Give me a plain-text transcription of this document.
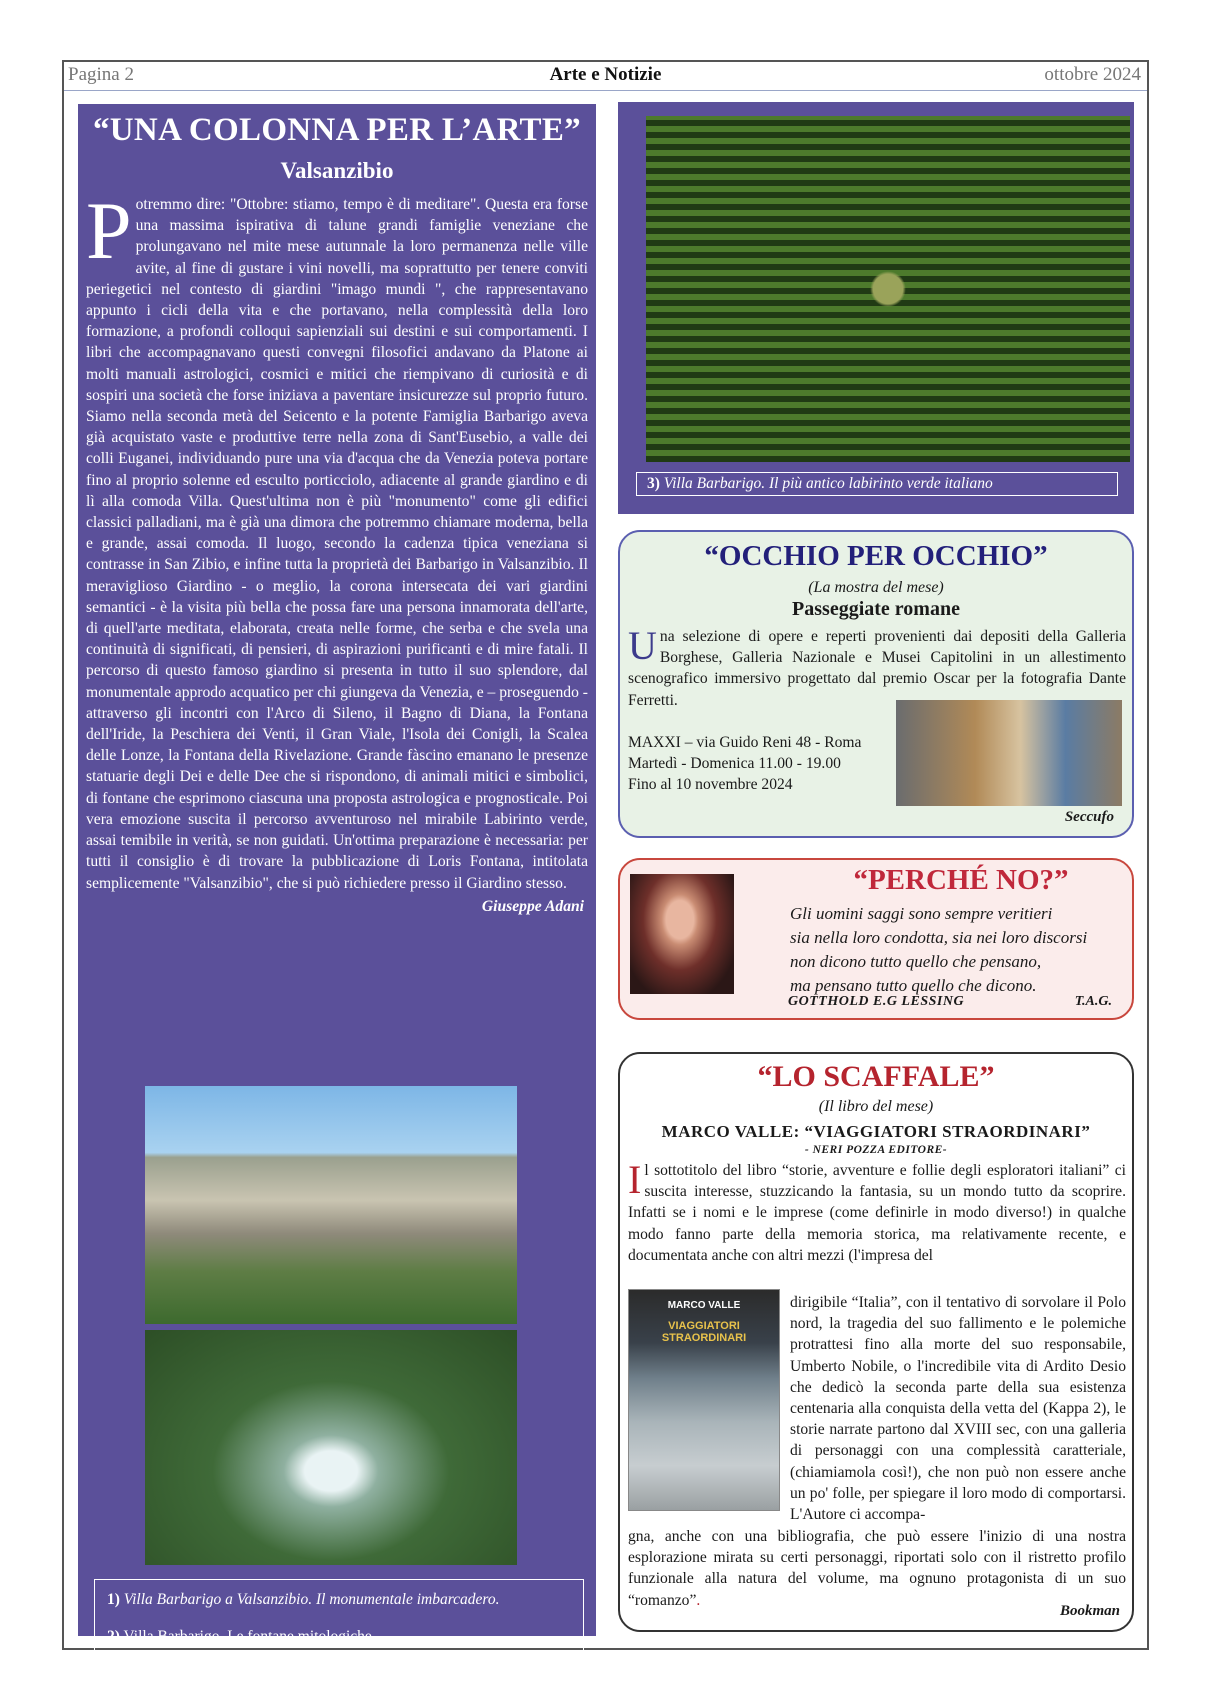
Pagina 2	Arte e Notizie	ottobre 2024
“UNA COLONNA PER L’ARTE”
Valsanzibio
Potremmo dire: "Ottobre: stiamo, tempo è di meditare". Questa era forse una massima ispirativa di talune grandi famiglie veneziane che prolungavano nel mite mese autunnale la loro permanenza nelle ville avite, al fine di gustare i vini novelli, ma soprattutto per tenere conviti periegetici nel contesto di giardini "imago mundi ", che rappresentavano appunto i cicli della vita e che portavano, nella complessità della loro formazione, a profondi colloqui sapienziali sui destini e sui comportamenti. I libri che accompagnavano questi convegni filosofici andavano da Platone ai molti manuali astrologici, cosmici e mitici che riempivano di curiosità e di sospiri una società che forse iniziava a paventare insicurezze sul proprio futuro. Siamo nella seconda metà del Seicento e la potente Famiglia Barbarigo aveva già acquistato vaste e produttive terre nella zona di Sant'Eusebio, a valle dei colli Euganei, individuando pure una via d'acqua che da Venezia poteva portare fino al proprio solenne ed esculto porticciolo, adiacente al grande giardino e di lì alla comoda Villa. Quest'ultima non è più "monumento" come gli edifici classici palladiani, ma è già una dimora che potremmo chiamare moderna, bella e grande, assai comoda. Il luogo, secondo la cadenza tipica veneziana si contrasse in San Zibio, e infine tutta la proprietà dei Barbarigo in Valsanzibio. Il meraviglioso Giardino - o meglio, la corona intersecata dei vari giardini semantici - è la visita più bella che possa fare una persona innamorata dell'arte, di quell'arte meditata, elaborata, creata nelle forme, che serba e che svela una continuità di significati, di pensieri, di aspirazioni purificanti e di mire fatali. Il percorso di questo famoso giardino si presenta in tutto il suo splendore, dal monumentale approdo acquatico per chi giungeva da Venezia, e – proseguendo - attraverso gli incontri con l'Arco di Sileno, il Bagno di Diana, la Fontana dell'Iride, la Peschiera dei Venti, il Gran Viale, l'Isola dei Conigli, la Scalea delle Lonze, la Fontana della Rivelazione. Grande fàscino emanano le presenze statuarie degli Dei e delle Dee che si rispondono, di animali mitici e simbolici, di fontane che esprimono ciascuna una proposta astrologica e prognosticale. Poi vera emozione suscita il percorso avventuroso nel mirabile Labirinto verde, assai temibile in verità, se non guidati. Un'ottima preparazione è necessaria: per tutti il consiglio è di trovare la pubblicazione di Loris Fontana, intitolata semplicemente "Valsanzibio", che si può richiedere presso il Giardino stesso.
Giuseppe Adani
1) Villa Barbarigo a Valsanzibio. Il monumentale imbarcadero.
2) Villa Barbarigo. Le fontane mitologiche
3) Villa Barbarigo. Il più antico labirinto verde italiano
“OCCHIO PER OCCHIO”
(La mostra del mese)
Passeggiate romane
Una selezione di opere e reperti provenienti dai depositi della Galleria Borghese, Galleria Nazionale e Musei Capitolini in un allestimento scenografico immersivo progettato dal premio Oscar per la fotografia Dante Ferretti.
MAXXI – via Guido Reni 48 - Roma
Martedì - Domenica 11.00 - 19.00
Fino al 10 novembre 2024
Seccufo
“PERCHÉ NO?”
Gli uomini saggi sono sempre veritieri
sia nella loro condotta, sia nei loro discorsi
non dicono tutto quello che pensano,
ma pensano tutto quello che dicono.
GOTTHOLD E.G LESSING	T.A.G.
“LO SCAFFALE”
(Il libro del mese)
MARCO VALLE: “VIAGGIATORI STRAORDINARI”
- NERI POZZA EDITORE-
Il sottotitolo del libro “storie, avventure e follie degli esploratori italiani” ci suscita interesse, stuzzicando la fantasia, su un mondo tutto da scoprire. Infatti se i nomi e le imprese (come definirle in modo diverso!) in qualche modo fanno parte della memoria storica, ma relativamente recente, e documentata anche con altri mezzi (l'impresa del
dirigibile “Italia”, con il tentativo di sorvolare il Polo nord, la tragedia del suo fallimento e le polemiche protrattesi fino alla morte del suo responsabile, Umberto Nobile, o l'incredibile vita di Ardito Desio che dedicò la seconda parte della sua esistenza centenaria alla conquista della vetta del (Kappa 2), le storie narrate partono dal XVIII sec, con una galleria di personaggi con una complessità caratteriale, (chiamiamola così!), che non può non essere anche un po' folle, per spiegare il loro modo di comportarsi. L'Autore ci accompa-
gna, anche con una bibliografia, che può essere l'inizio di una nostra esplorazione mirata su certi personaggi, riportati solo con il ristretto profilo funzionale alla natura del volume, ma ognuno protagonista di un suo “romanzo”.
Bookman
MARCO VALLE
VIAGGIATORI STRAORDINARI
